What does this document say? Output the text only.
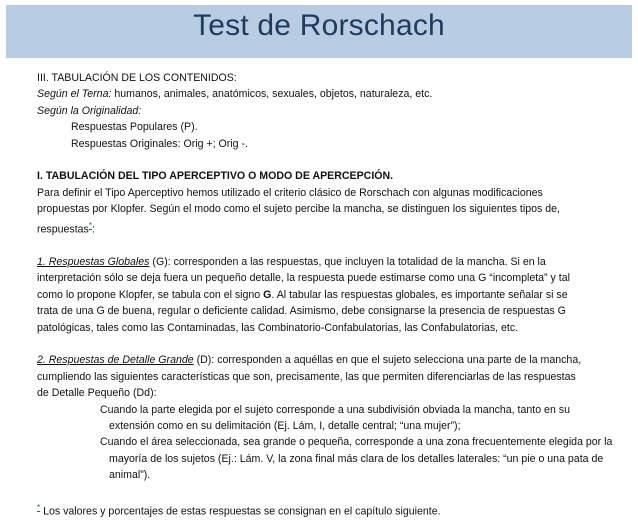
Test de Rorschach

III. TABULACIÓN DE LOS CONTENIDOS:

Según el Terna: humanos, animales, anatómicos, sexuales, objetos, naturaleza, etc.

Según la Originalidad:

Respuestas Populares (P).

Respuestas Originales: Orig +; Orig -.

I. TABULACIÓN DEL TIPO APERCEPTIVO O MODO DE APERCEPCIÓN.

Para definir el Tipo Aperceptivo hemos utilizado el criterio clásico de Rorschach con algunas modificaciones

propuestas por Klopfer. Según el modo como el sujeto percibe la mancha, se distinguen los siguientes tipos de,

respuestas*:

1. Respuestas Globales (G): corresponden a las respuestas, que incluyen la totalidad de la mancha. Si en la

interpretación sólo se deja fuera un pequeño detalle, la respuesta puede estimarse como una G “incompleta” y tal

como lo propone Klopfer, se tabula con el signo G. Al tabular las respuestas globales, es importante señalar si se

trata de una G de buena, regular o deficiente calidad. Asimismo, debe consignarse la presencia de respuestas G

patológicas, tales como las Contaminadas, las Combinatorio-Confabulatorias, las Confabulatorias, etc.

2. Respuestas de Detalle Grande (D): corresponden a aquéllas en que el sujeto selecciona una parte de la mancha,

cumpliendo las siguientes características que son, precisamente, las que permiten diferenciarlas de las respuestas

de Detalle Pequeño (Dd):

Cuando la parte elegida por el sujeto corresponde a una subdivisión obviada la mancha, tanto en su

extensión como en su delimitación (Ej. Lám, I, detalle central; “una mujer”);

Cuando el área seleccionada, sea grande o pequeña, corresponde a una zona frecuentemente elegida por la

mayoría de los sujetos (Ej.: Lám. V, la zona final más clara de los detalles laterales: “un pie o una pata de

animal”).

* Los valores y porcentajes de estas respuestas se consignan en el capítulo siguiente.
